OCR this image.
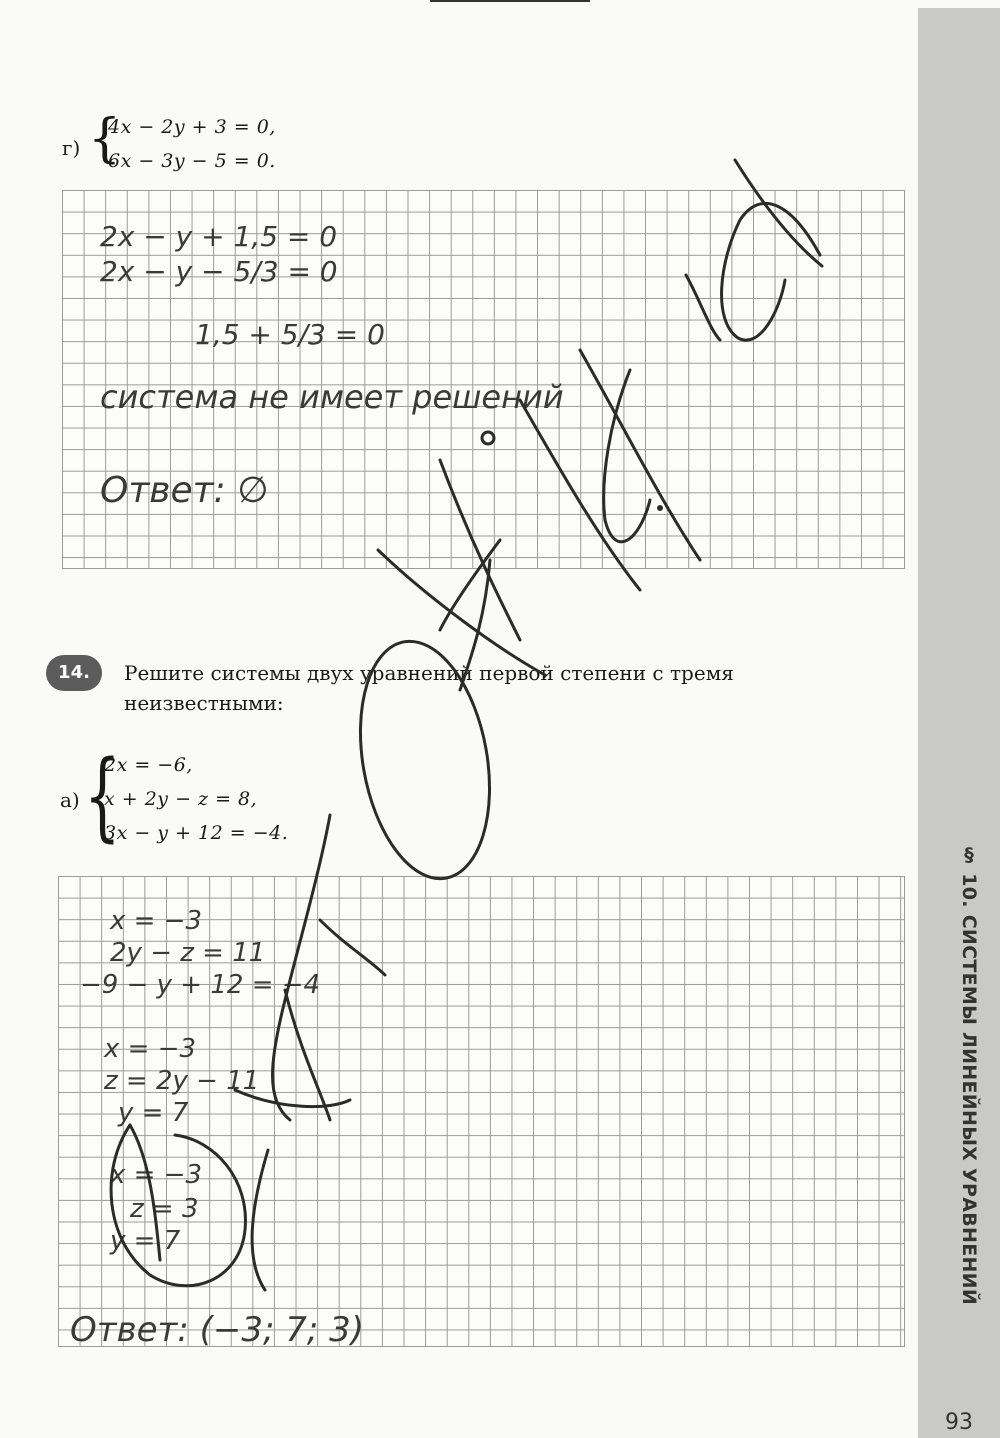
г) {
4x − 2y + 3 = 0,
6x − 3y − 5 = 0.
2x − y + 1,5 = 0
2x − y − 5/3 = 0
1,5 + 5/3 = 0
система не имеет решений
Ответ: ∅
14.	Решите системы двух уравнений первой степени с тремя неизвестными:
а) {
2x = −6,
x + 2y − z = 8,
3x − y + 12 = −4.
x = −3
2y − z = 11
−9 − y + 12 = −4
x = −3
z = 2y − 11
y = 7
x = −3
z = 3
y = 7
Ответ: (−3; 7; 3)
§ 10. СИСТЕМЫ ЛИНЕЙНЫХ УРАВНЕНИЙ
93
